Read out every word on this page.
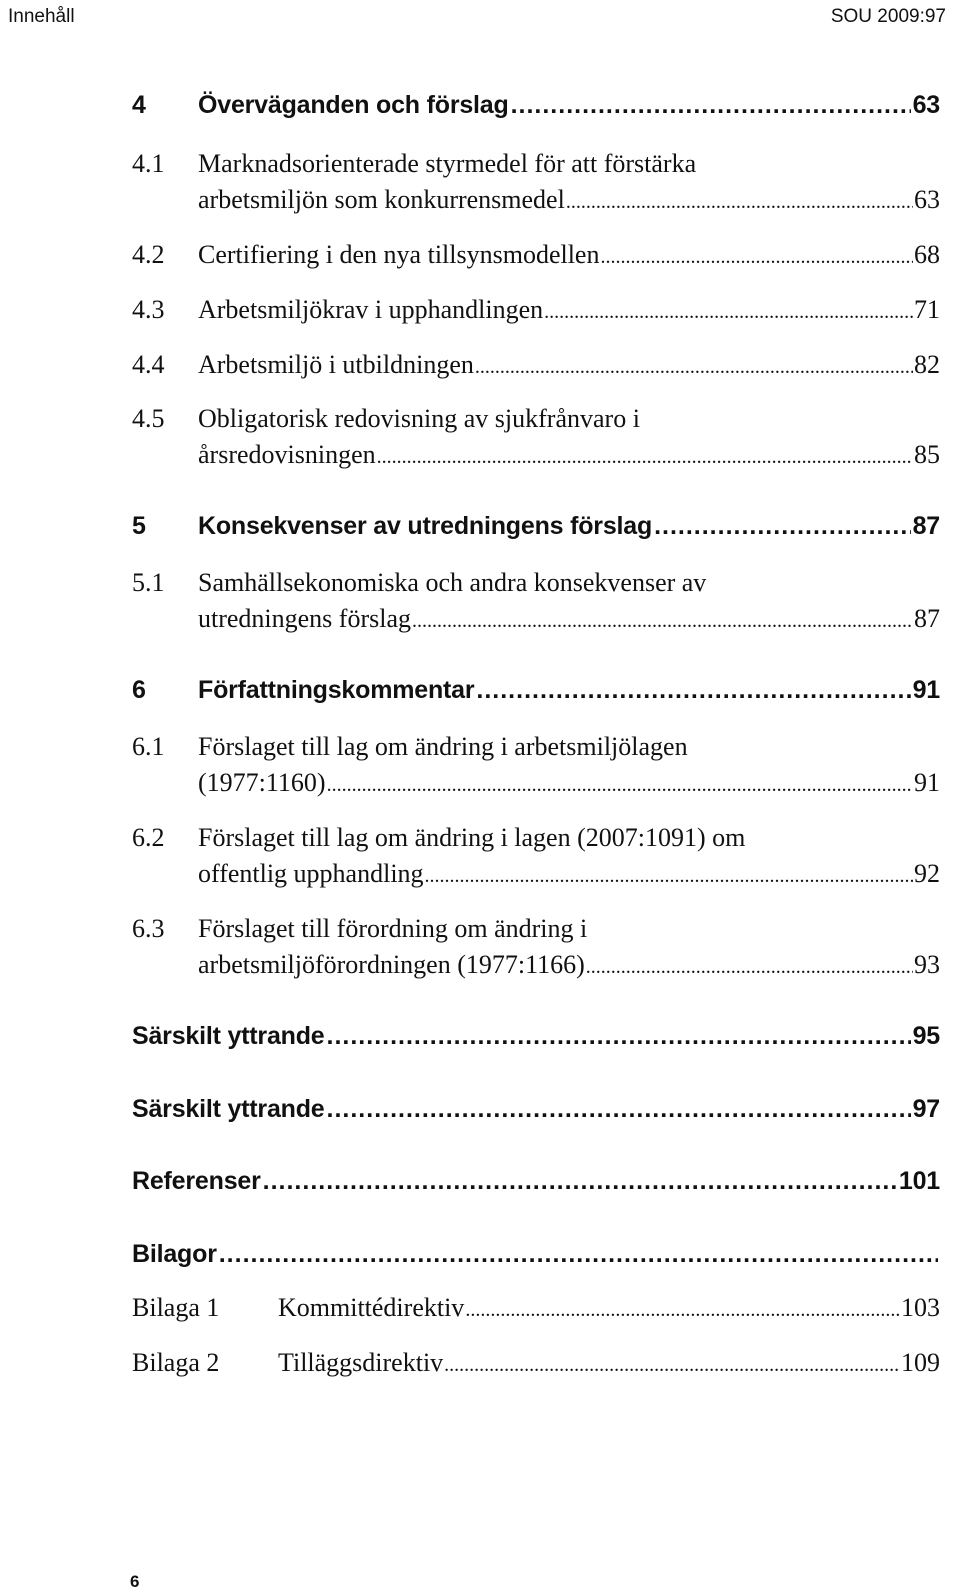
Innehåll	SOU 2009:97
4	Överväganden och förslag .....	63
4.1 Marknadsorienterade styrmedel för att förstärka
arbetsmiljön som konkurrensmedel .....	63
4.2 Certifiering i den nya tillsynsmodellen .....	68
4.3 Arbetsmiljökrav i upphandlingen .....	71
4.4 Arbetsmiljö i utbildningen .....	82
4.5 Obligatorisk redovisning av sjukfrånvaro i
årsredovisningen .....	85
5	Konsekvenser av utredningens förslag .....	87
5.1 Samhällsekonomiska och andra konsekvenser av
utredningens förslag .....	87
6	Författningskommentar .....	91
6.1 Förslaget till lag om ändring i arbetsmiljölagen
(1977:1160) .....	91
6.2 Förslaget till lag om ändring i lagen (2007:1091) om
offentlig upphandling .....	92
6.3 Förslaget till förordning om ändring i
arbetsmiljöförordningen (1977:1166) .....	93
Särskilt yttrande .....	95
Särskilt yttrande .....	97
Referenser .....	101
Bilagor
.....
Bilaga 1	Kommittédirektiv .....	103
Bilaga 2	Tilläggsdirektiv .....	109
6
